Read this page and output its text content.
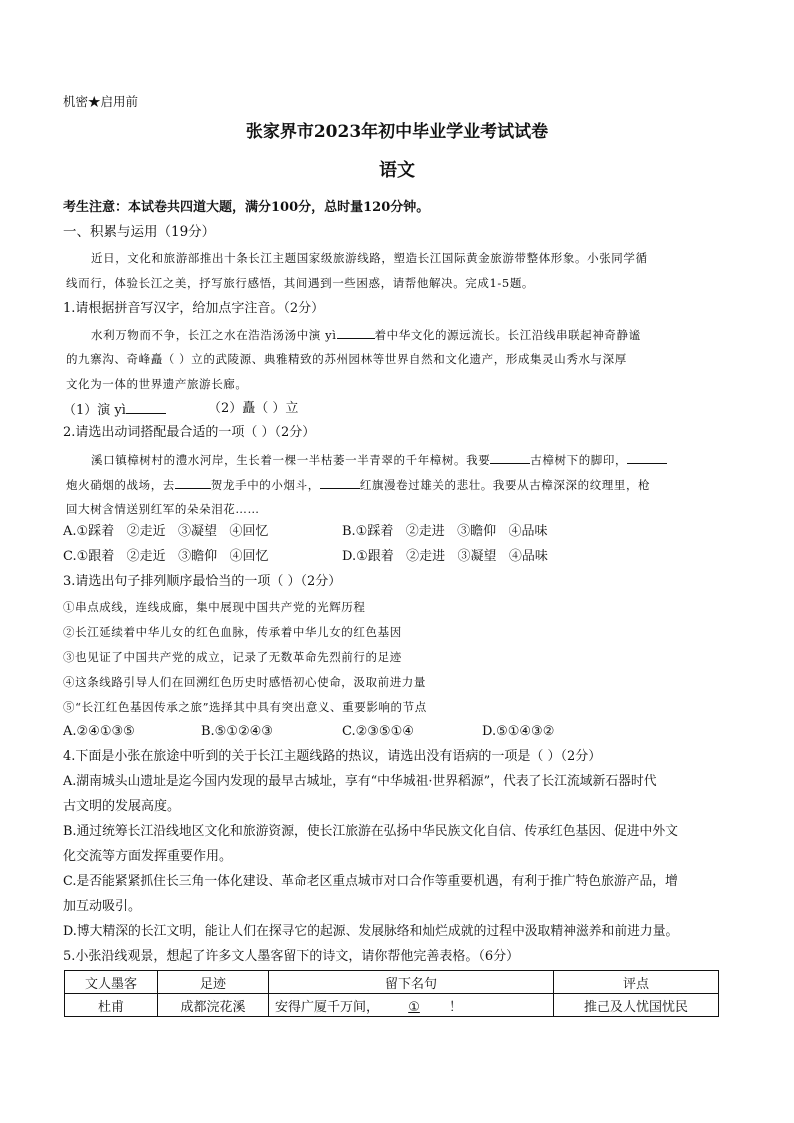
机密★启用前
张家界市2023年初中毕业学业考试试卷
语文
考生注意：本试卷共四道大题，满分100分，总时量120分钟。
一、积累与运用（19分）
近日，文化和旅游部推出十条长江主题国家级旅游线路，塑造长江国际黄金旅游带整体形象。小张同学循
线而行，体验长江之美，抒写旅行感悟，其间遇到一些困惑，请帮他解决。完成1-5题。
1.请根据拼音写汉字，给加点字注音。（2分）
水利万物而不争，长江之水在浩浩汤汤中演 yì	着中华文化的源远流长。长江沿线串联起神奇静谧
的九寨沟、奇峰矗（ ）立的武陵源、典雅精致的苏州园林等世界自然和文化遗产，形成集灵山秀水与深厚
文化为一体的世界遗产旅游长廊。
（1）演 yì	（2）矗（ ）立
2.请选出动词搭配最合适的一项（ ）（2分）
溪口镇樟树村的澧水河岸，生长着一棵一半枯萎一半青翠的千年樟树。我要	古樟树下的脚印，
炮火硝烟的战场，去	贺龙手中的小烟斗，	红旗漫卷过雄关的悲壮。我要从古樟深深的纹理里，枪
回大树含情送别红军的朵朵泪花……
A.①踩着   ②走近   ③凝望   ④回忆	B.①踩着   ②走进   ③瞻仰   ④品味
C.①跟着   ②走近   ③瞻仰   ④回忆	D.①跟着   ②走进   ③凝望   ④品味
3.请选出句子排列顺序最恰当的一项（ ）（2分）
①串点成线，连线成廊，集中展现中国共产党的光辉历程
②长江延续着中华儿女的红色血脉，传承着中华儿女的红色基因
③也见证了中国共产党的成立，记录了无数革命先烈前行的足迹
④这条线路引导人们在回溯红色历史时感悟初心使命，汲取前进力量
⑤“长江红色基因传承之旅”选择其中具有突出意义、重要影响的节点
A.②④①③⑤	B.⑤①②④③	C.②③⑤①④	D.⑤①④③②
4.下面是小张在旅途中听到的关于长江主题线路的热议，请选出没有语病的一项是（ ）（2分）
A.湖南城头山遗址是迄今国内发现的最早古城址，享有“中华城祖·世界稻源”，代表了长江流域新石器时代
古文明的发展高度。
B.通过统筹长江沿线地区文化和旅游资源，使长江旅游在弘扬中华民族文化自信、传承红色基因、促进中外文
化交流等方面发挥重要作用。
C.是否能紧紧抓住长三角一体化建设、革命老区重点城市对口合作等重要机遇，有利于推广特色旅游产品，增
加互动吸引。
D.博大精深的长江文明，能让人们在探寻它的起源、发展脉络和灿烂成就的过程中汲取精神滋养和前进力量。
5.小张沿线观景，想起了许多文人墨客留下的诗文，请你帮他完善表格。（6分）
文人墨客	足迹	留下名句	评点
杜甫	成都浣花溪	安得广厦千万间， ① ！	推己及人忧国忧民
